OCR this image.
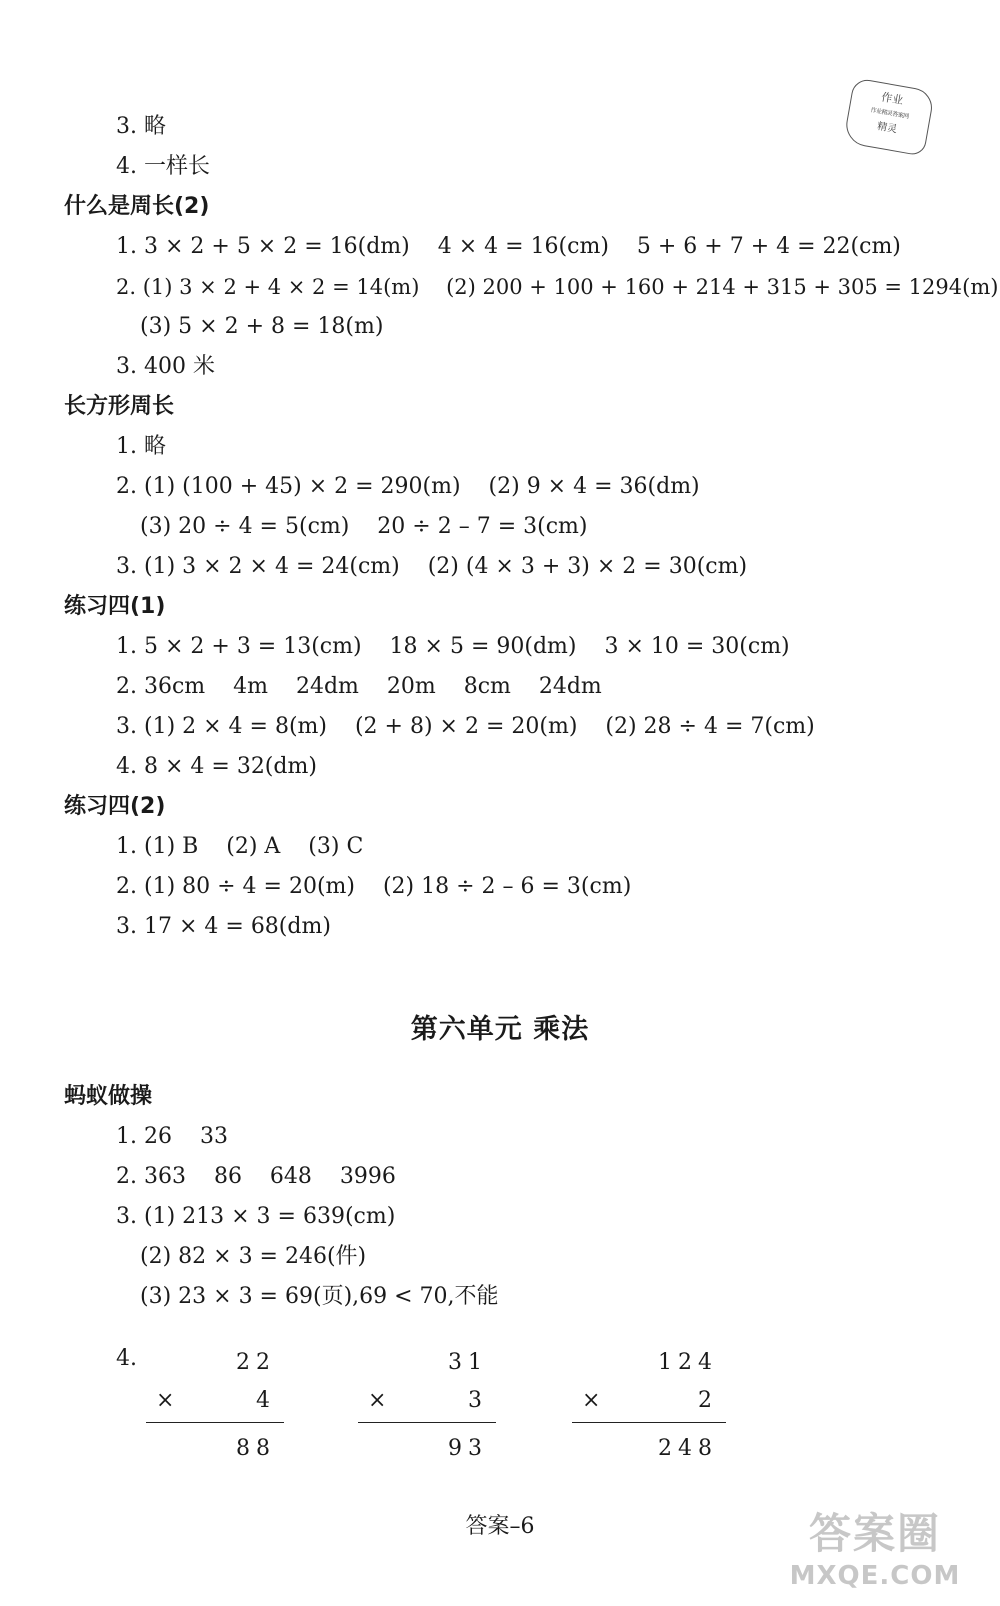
作业
作业精灵答案网
精灵
3. 略
4. 一样长
什么是周长(2)
1. 3 × 2 + 5 × 2 = 16(dm)    4 × 4 = 16(cm)    5 + 6 + 7 + 4 = 22(cm)
2. (1) 3 × 2 + 4 × 2 = 14(m)    (2) 200 + 100 + 160 + 214 + 315 + 305 = 1294(m)
(3) 5 × 2 + 8 = 18(m)
3. 400 米
长方形周长
1. 略
2. (1) (100 + 45) × 2 = 290(m)    (2) 9 × 4 = 36(dm)
(3) 20 ÷ 4 = 5(cm)    20 ÷ 2 – 7 = 3(cm)
3. (1) 3 × 2 × 4 = 24(cm)    (2) (4 × 3 + 3) × 2 = 30(cm)
练习四(1)
1. 5 × 2 + 3 = 13(cm)    18 × 5 = 90(dm)    3 × 10 = 30(cm)
2. 36cm    4m    24dm    20m    8cm    24dm
3. (1) 2 × 4 = 8(m)    (2 + 8) × 2 = 20(m)    (2) 28 ÷ 4 = 7(cm)
4. 8 × 4 = 32(dm)
练习四(2)
1. (1) B    (2) A    (3) C
2. (1) 80 ÷ 4 = 20(m)    (2) 18 ÷ 2 – 6 = 3(cm)
3. 17 × 4 = 68(dm)
第六单元 乘法
蚂蚁做操
1. 26    33
2. 363    86    648    3996
3. (1) 213 × 3 = 639(cm)
(2) 82 × 3 = 246(件)
(3) 23 × 3 = 69(页),69 < 70,不能
4.	22
×	4
88
31
×	3
93
124
×	2
248
答案–6	答案圈
MXQE.COM
